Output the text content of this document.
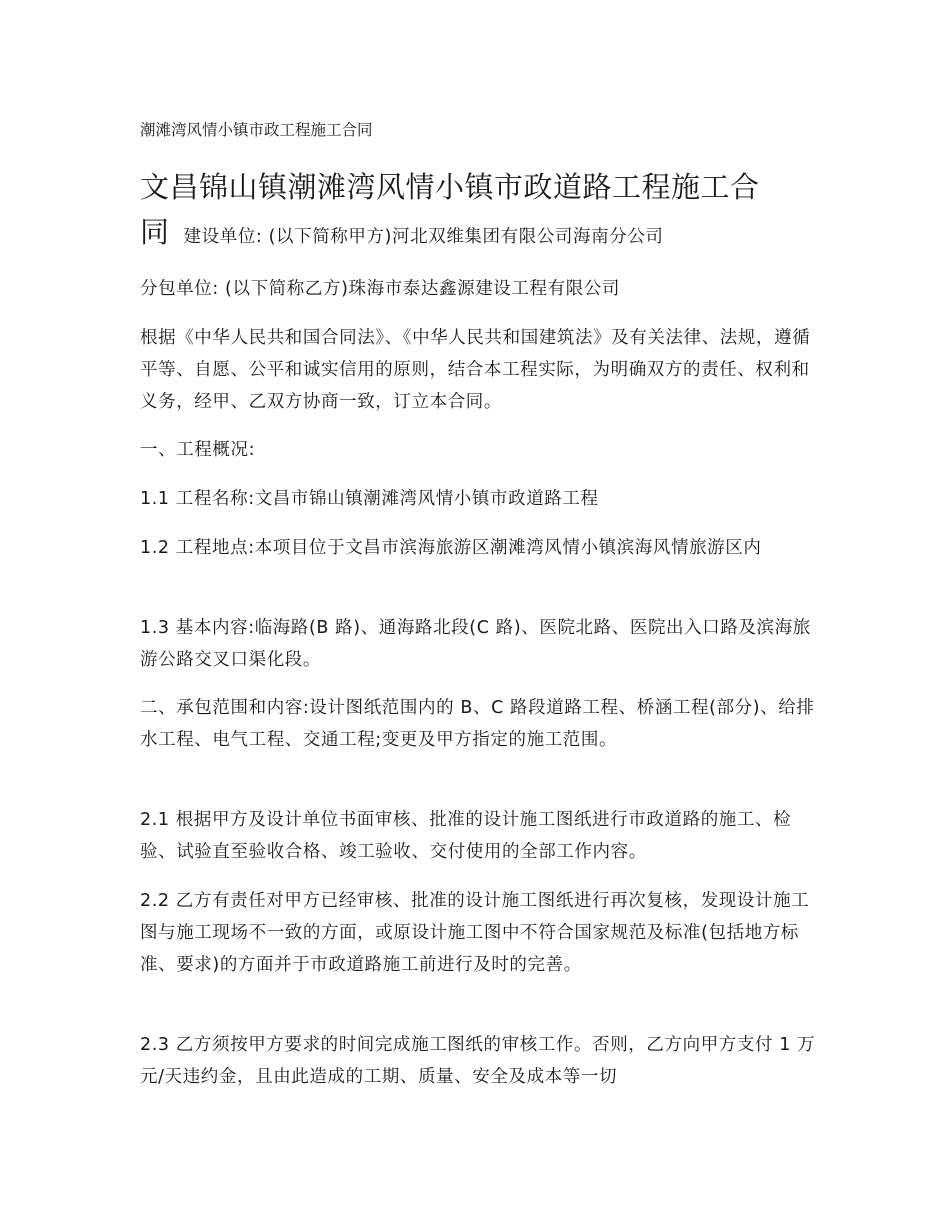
潮滩湾风情小镇市政工程施工合同
文昌锦山镇潮滩湾风情小镇市政道路工程施工合
同建设单位: (以下简称甲方)河北双维集团有限公司海南分公司

分包单位: (以下简称乙方)珠海市泰达鑫源建设工程有限公司

根据《中华人民共和国合同法》、《中华人民共和国建筑法》及有关法律、法规，遵循平等、自愿、公平和诚实信用的原则，结合本工程实际，为明确双方的责任、权利和义务，经甲、乙双方协商一致，订立本合同。

一、工程概况:

1.1 工程名称:文昌市锦山镇潮滩湾风情小镇市政道路工程

1.2 工程地点:本项目位于文昌市滨海旅游区潮滩湾风情小镇滨海风情旅游区内

1.3 基本内容:临海路(B 路)、通海路北段(C 路)、医院北路、医院出入口路及滨海旅游公路交叉口渠化段。

二、承包范围和内容:设计图纸范围内的 B、C 路段道路工程、桥涵工程(部分)、给排水工程、电气工程、交通工程;变更及甲方指定的施工范围。

2.1 根据甲方及设计单位书面审核、批准的设计施工图纸进行市政道路的施工、检验、试验直至验收合格、竣工验收、交付使用的全部工作内容。

2.2 乙方有责任对甲方已经审核、批准的设计施工图纸进行再次复核，发现设计施工图与施工现场不一致的方面，或原设计施工图中不符合国家规范及标准(包括地方标准、要求)的方面并于市政道路施工前进行及时的完善。

2.3 乙方须按甲方要求的时间完成施工图纸的审核工作。否则，乙方向甲方支付 1 万元/天违约金，且由此造成的工期、质量、安全及成本等一切
